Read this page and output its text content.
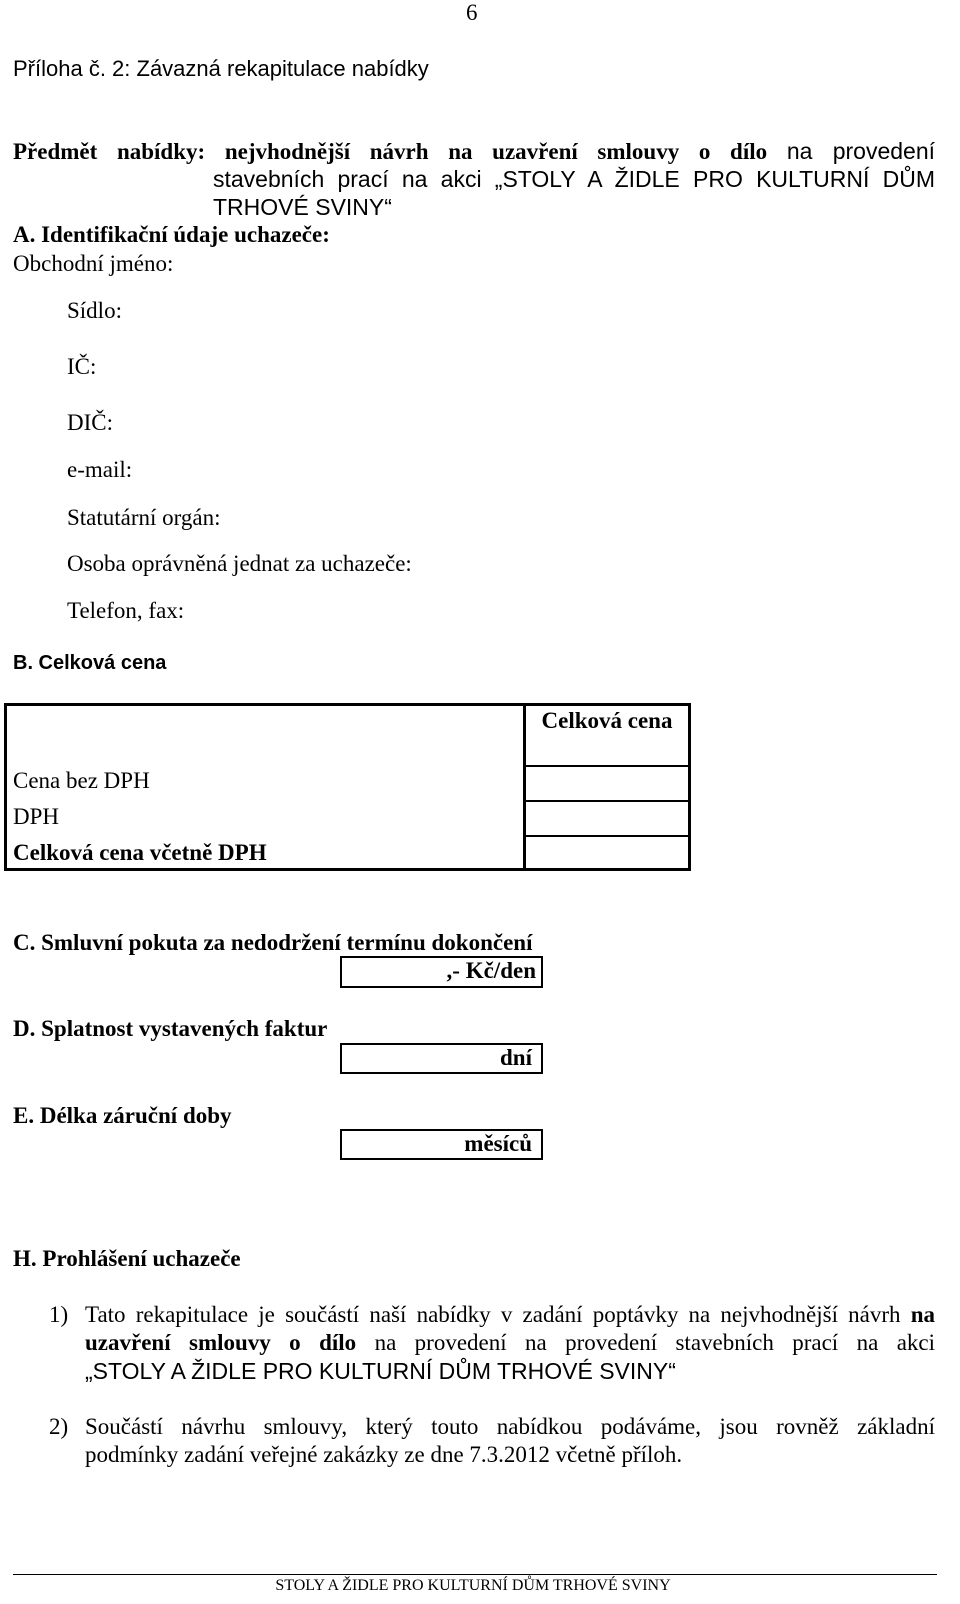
6
Příloha č. 2: Závazná rekapitulace nabídky
Předmět nabídky: nejvhodnější návrh na uzavření smlouvy o dílo na provedení
stavebních prací na akci „STOLY A ŽIDLE PRO KULTURNÍ DŮM
TRHOVÉ SVINY“
A. Identifikační údaje uchazeče:
Obchodní jméno:
Sídlo:
IČ:
DIČ:
e-mail:
Statutární orgán:
Osoba oprávněná jednat za uchazeče:
Telefon, fax:
B. Celková cena
Celková cena
Cena bez DPH
DPH
Celková cena včetně DPH
C. Smluvní pokuta za nedodržení termínu dokončení
,- Kč/den
D. Splatnost vystavených faktur
dní
E. Délka záruční doby
měsíců
H. Prohlášení uchazeče
1) Tato rekapitulace je součástí naší nabídky v zadání poptávky na nejvhodnější návrh na
uzavření smlouvy o dílo na provedení na provedení stavebních prací na akci
„STOLY A ŽIDLE PRO KULTURNÍ DŮM TRHOVÉ SVINY“
2) Součástí návrhu smlouvy, který touto nabídkou podáváme, jsou rovněž základní
podmínky zadání veřejné zakázky ze dne 7.3.2012 včetně příloh.
STOLY A ŽIDLE PRO KULTURNÍ DŮM TRHOVÉ SVINY
